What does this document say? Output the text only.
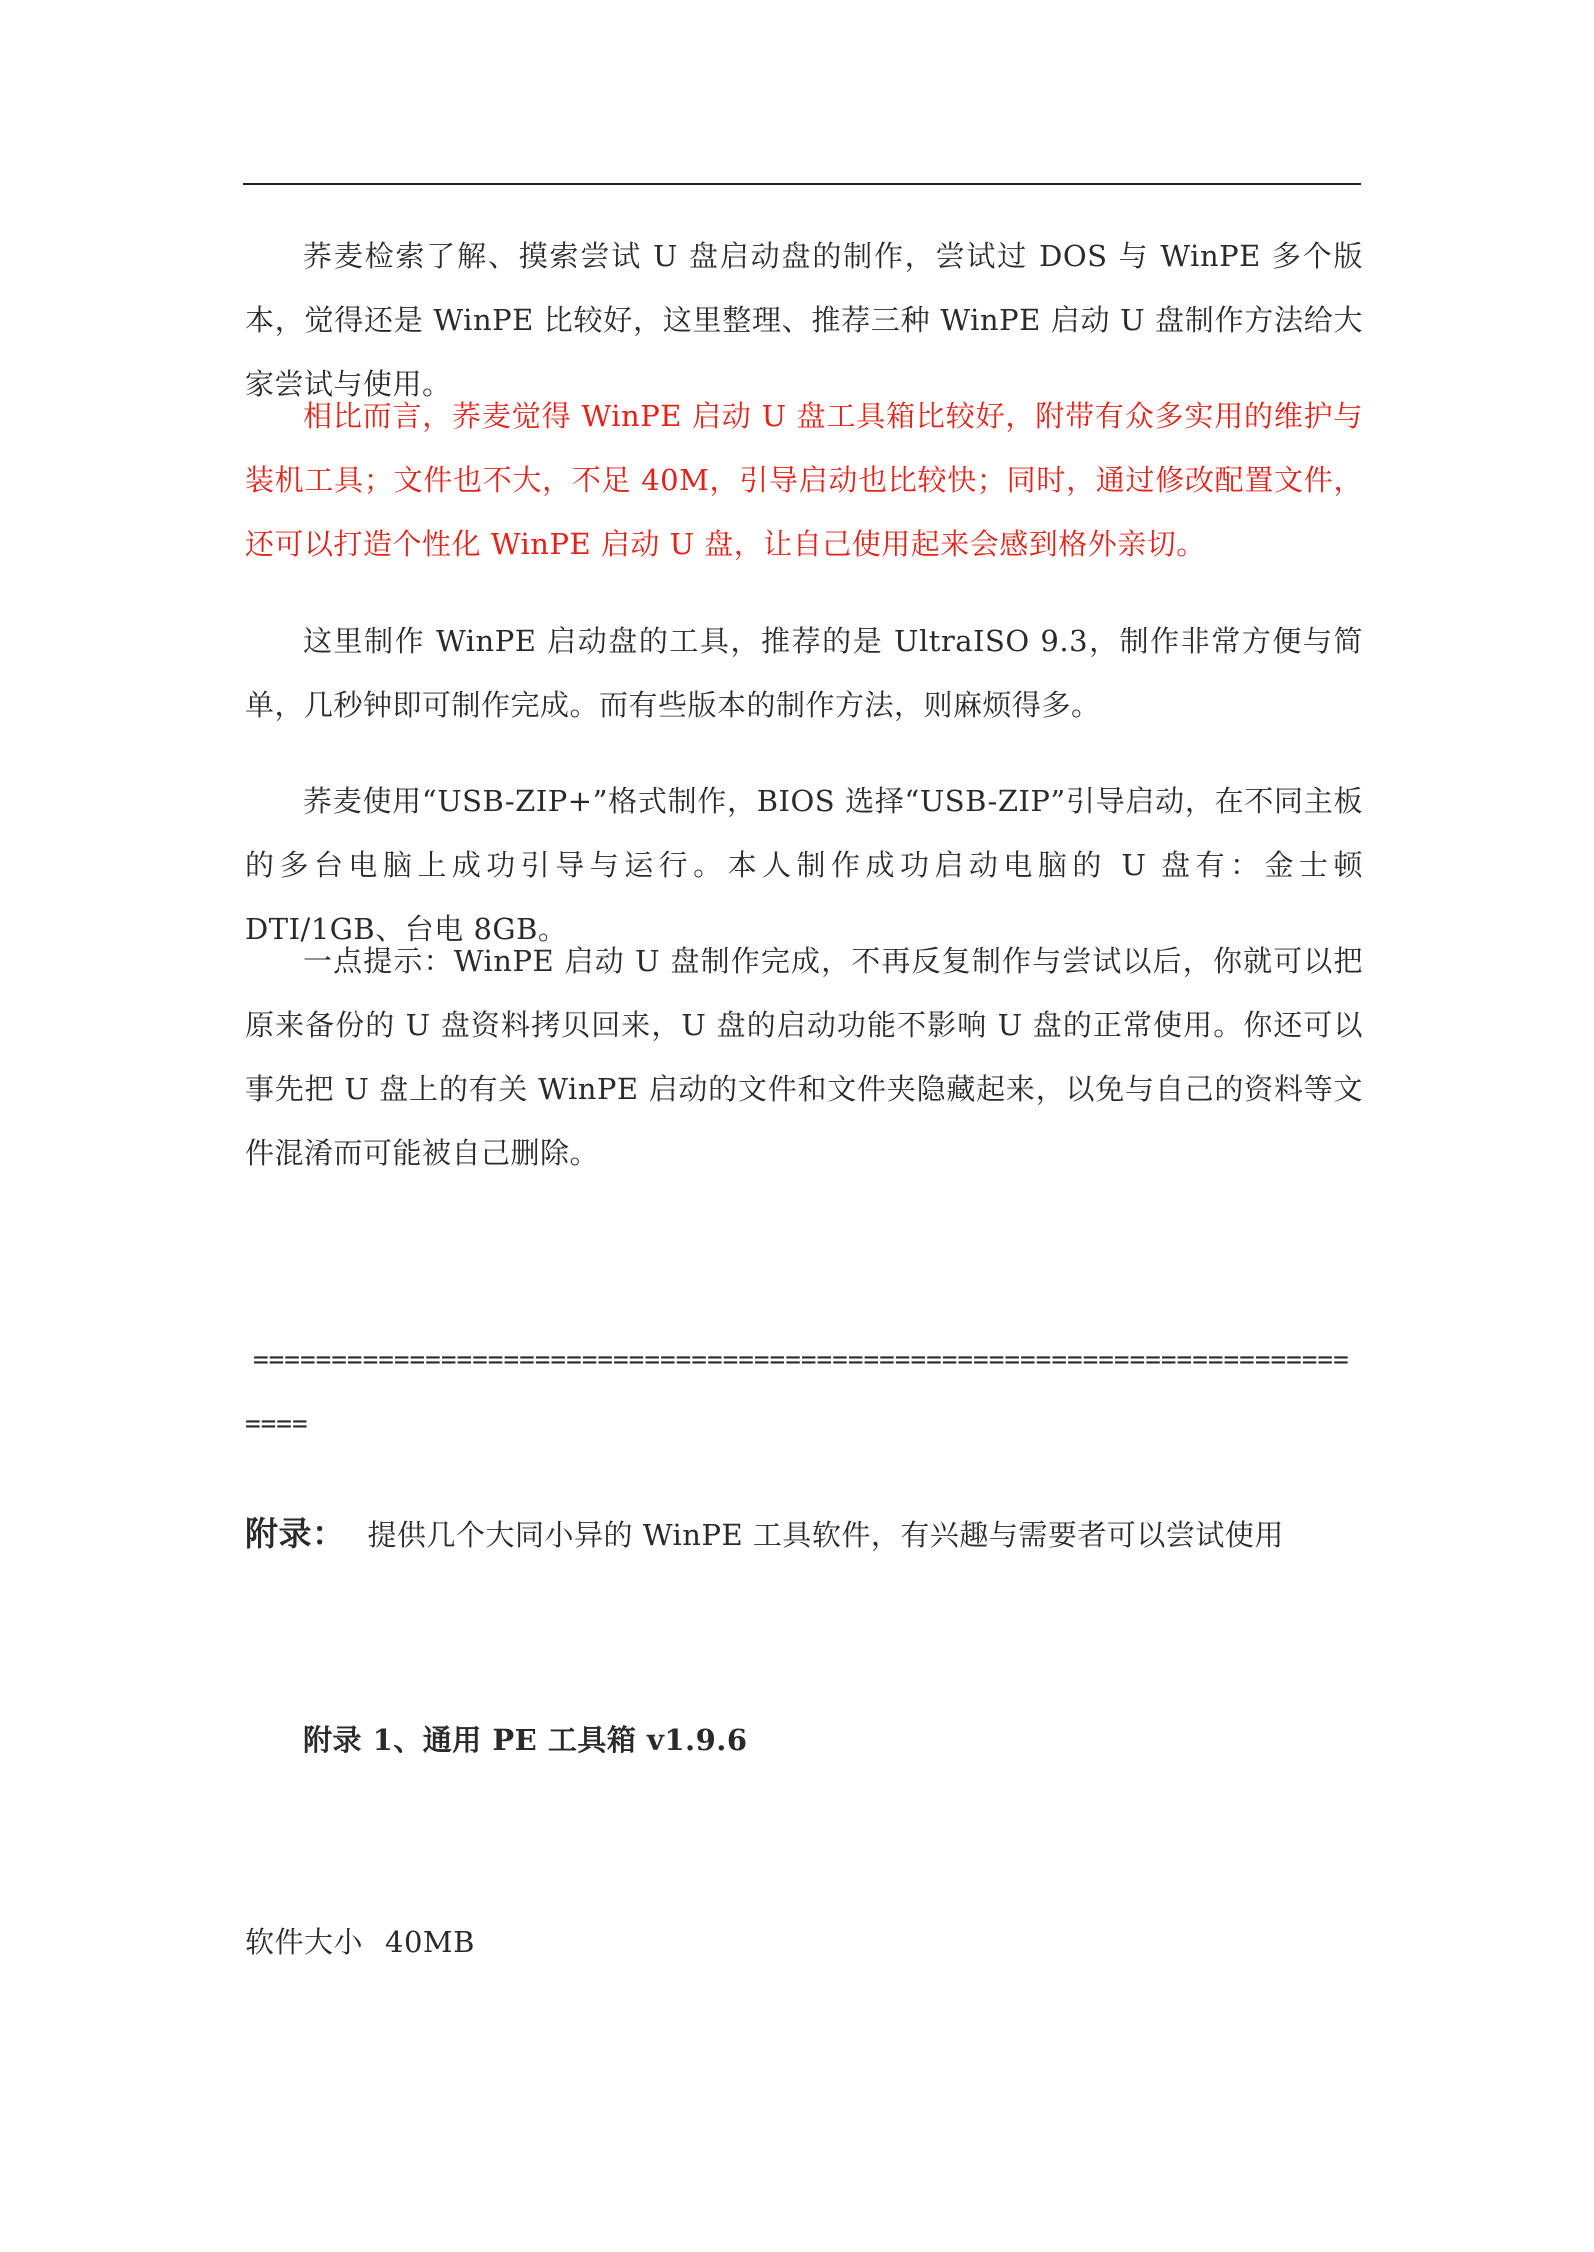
荞麦检索了解、摸索尝试 U 盘启动盘的制作，尝试过 DOS 与 WinPE 多个版本，觉得还是 WinPE 比较好，这里整理、推荐三种 WinPE 启动 U 盘制作方法给大家尝试与使用。

相比而言，荞麦觉得 WinPE 启动 U 盘工具箱比较好，附带有众多实用的维护与装机工具；文件也不大，不足 40M，引导启动也比较快；同时，通过修改配置文件，还可以打造个性化 WinPE 启动 U 盘，让自己使用起来会感到格外亲切。

这里制作 WinPE 启动盘的工具，推荐的是 UltraISO 9.3，制作非常方便与简单，几秒钟即可制作完成。而有些版本的制作方法，则麻烦得多。

荞麦使用“USB-ZIP+”格式制作，BIOS 选择“USB-ZIP”引导启动，在不同主板的多台电脑上成功引导与运行。本人制作成功启动电脑的 U 盘有：金士顿 DTI/1GB、台电 8GB。

一点提示：WinPE 启动 U 盘制作完成，不再反复制作与尝试以后，你就可以把原来备份的 U 盘资料拷贝回来，U 盘的启动功能不影响 U 盘的正常使用。你还可以事先把 U 盘上的有关 WinPE 启动的文件和文件夹隐藏起来，以免与自己的资料等文件混淆而可能被自己删除。

==========================================================================

附录： 提供几个大同小异的 WinPE 工具软件，有兴趣与需要者可以尝试使用

附录 1、通用 PE 工具箱 v1.9.6

软件大小 40MB
